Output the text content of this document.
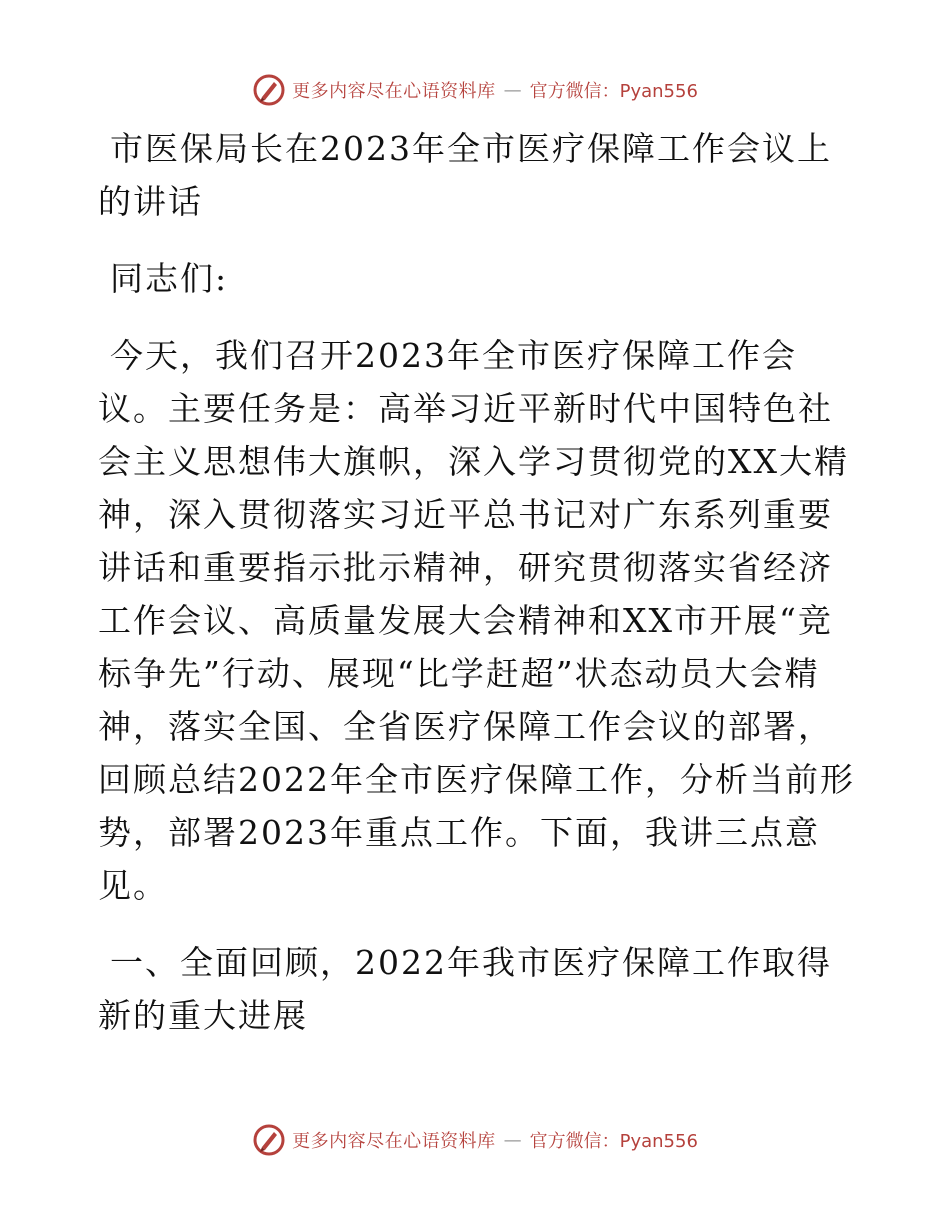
更多内容尽在心语资料库 — 官方微信：Pyan556

市医保局长在2023年全市医疗保障工作会议上的讲话

同志们:

今天，我们召开2023年全市医疗保障工作会议。主要任务是：高举习近平新时代中国特色社会主义思想伟大旗帜，深入学习贯彻党的XX大精神，深入贯彻落实习近平总书记对广东系列重要讲话和重要指示批示精神，研究贯彻落实省经济工作会议、高质量发展大会精神和XX市开展“竞标争先”行动、展现“比学赶超”状态动员大会精神，落实全国、全省医疗保障工作会议的部署，回顾总结2022年全市医疗保障工作，分析当前形势，部署2023年重点工作。下面，我讲三点意见。

一、全面回顾，2022年我市医疗保障工作取得新的重大进展

更多内容尽在心语资料库 — 官方微信：Pyan556
